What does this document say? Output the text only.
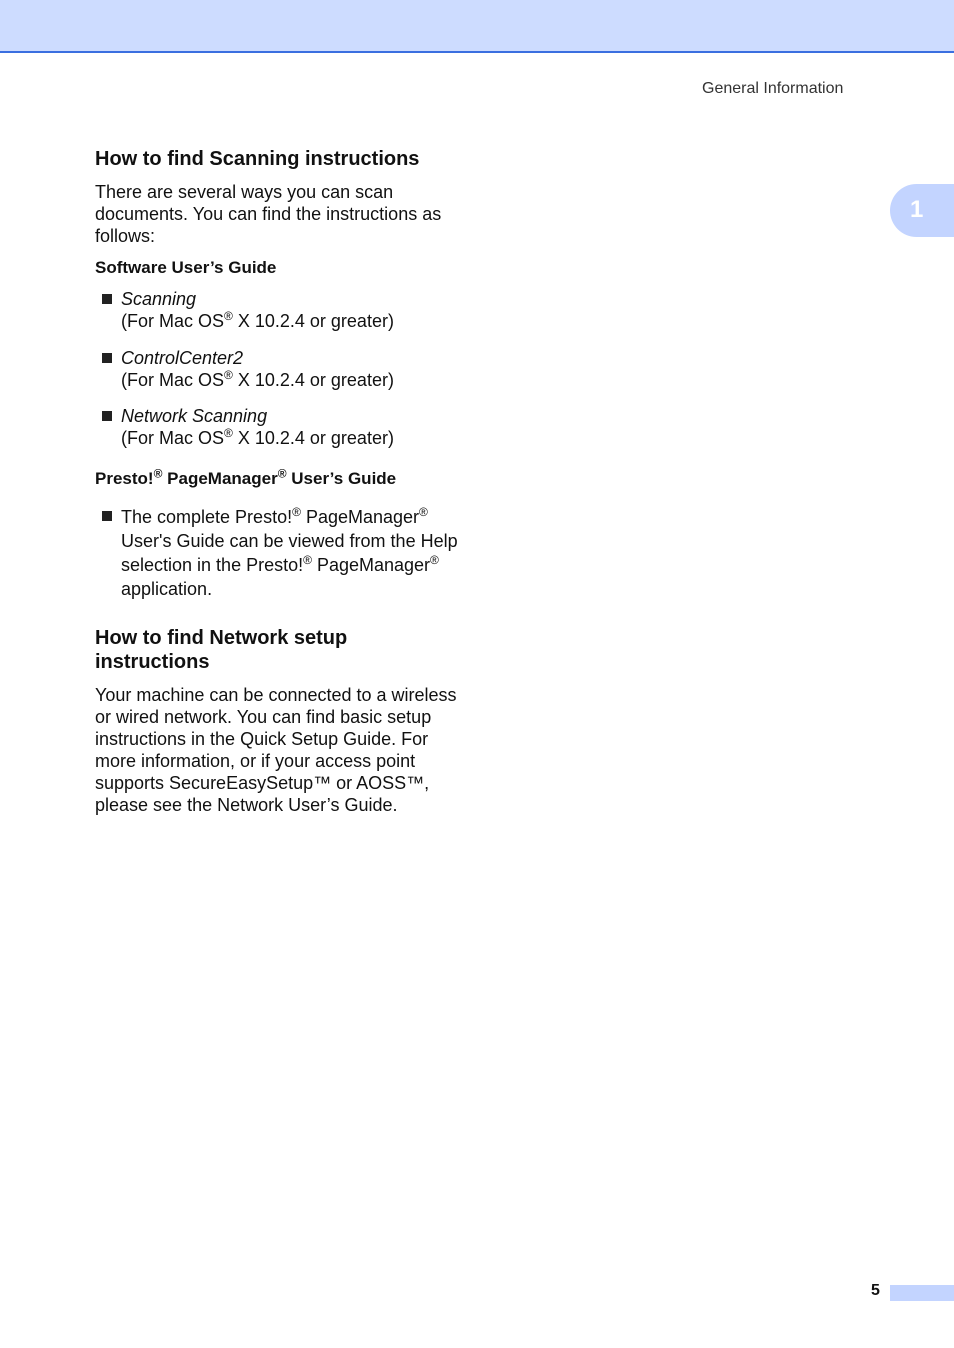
General Information
1
How to find Scanning instructions

There are several ways you can scan documents. You can find the instructions as follows:

Software User’s Guide
Scanning
(For Mac OS® X 10.2.4 or greater)
ControlCenter2
(For Mac OS® X 10.2.4 or greater)
Network Scanning
(For Mac OS® X 10.2.4 or greater)
Presto!® PageManager® User’s Guide
The complete Presto!® PageManager® User's Guide can be viewed from the Help selection in the Presto!® PageManager® application.
How to find Network setup instructions

Your machine can be connected to a wireless or wired network. You can find basic setup instructions in the Quick Setup Guide. For more information, or if your access point supports SecureEasySetup™ or AOSS™, please see the Network User’s Guide.

5
